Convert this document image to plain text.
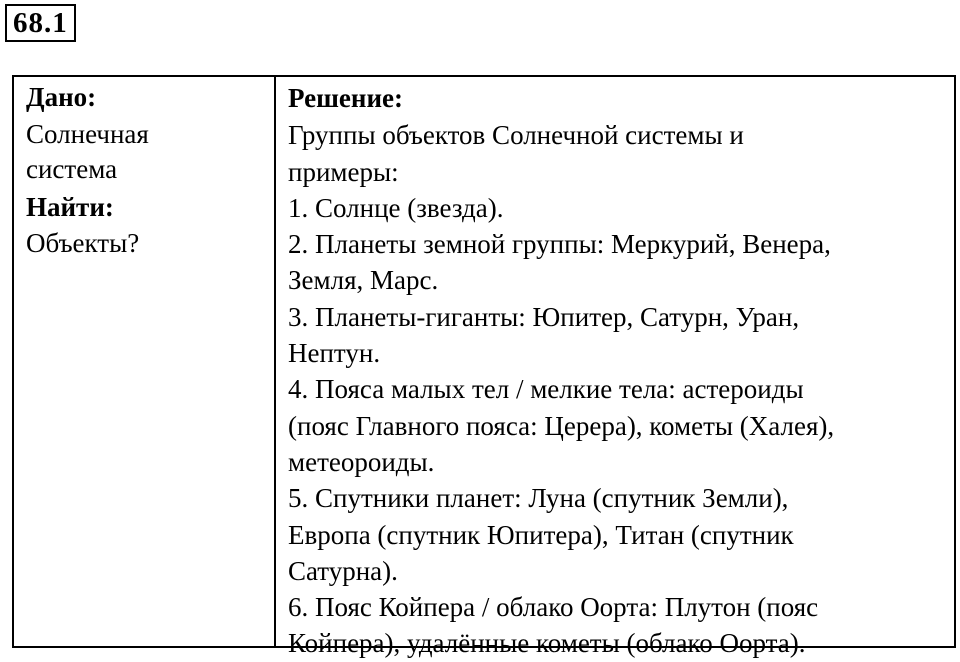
68.1
Дано:
Солнечная
система
Найти:
Объекты?
Решение:
Группы объектов Солнечной системы и
примеры:
1. Солнце (звезда).
2. Планеты земной группы: Меркурий, Венера,
Земля, Марс.
3. Планеты-гиганты: Юпитер, Сатурн, Уран,
Нептун.
4. Пояса малых тел / мелкие тела: астероиды
(пояс Главного пояса: Церера), кометы (Халея),
метеороиды.
5. Спутники планет: Луна (спутник Земли),
Европа (спутник Юпитера), Титан (спутник
Сатурна).
6. Пояс Койпера / облако Оорта: Плутон (пояс
Койпера), удалённые кометы (облако Оорта).
